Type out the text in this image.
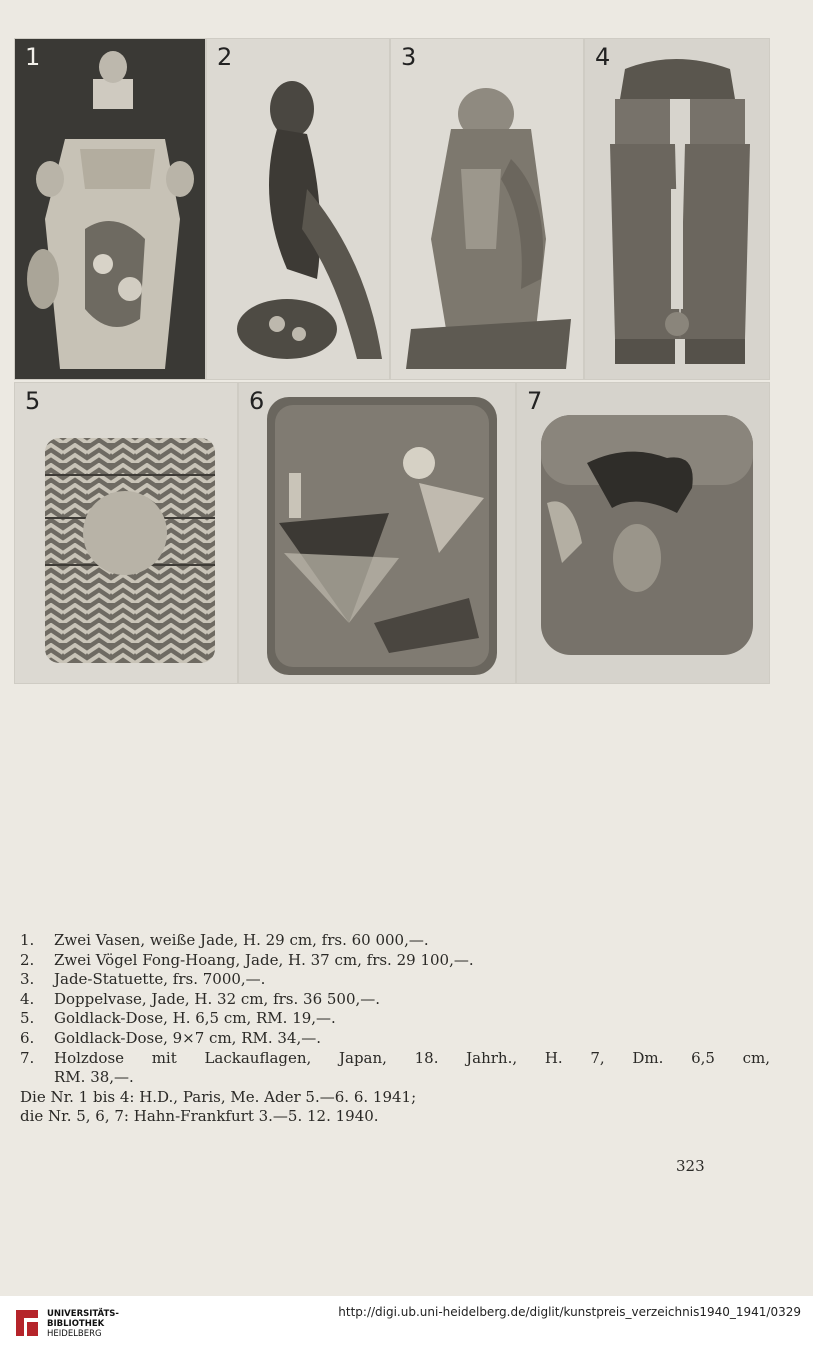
1	2	3	4
5	6	7
1.	Zwei Vasen, weiße Jade, H. 29 cm, frs. 60 000,—.
2.	Zwei Vögel Fong-Hoang, Jade, H. 37 cm, frs. 29 100,—.
3.	Jade-Statuette, frs. 7000,—.
4.	Doppelvase, Jade, H. 32 cm, frs. 36 500,—.
5.	Goldlack-Dose, H. 6,5 cm, RM. 19,—.
6.	Goldlack-Dose, 9×7 cm, RM. 34,—.
7.	Holzdose mit Lackauflagen, Japan, 18. Jahrh., H. 7, Dm. 6,5 cm,
RM. 38,—.

Die Nr. 1 bis 4: H.D., Paris, Me. Ader 5.—6. 6. 1941;

die Nr. 5, 6, 7: Hahn-Frankfurt 3.—5. 12. 1940.

323
UNIVERSITÄTS-
BIBLIOTHEK
HEIDELBERG
http://digi.ub.uni-heidelberg.de/diglit/kunstpreis_verzeichnis1940_1941/0329
